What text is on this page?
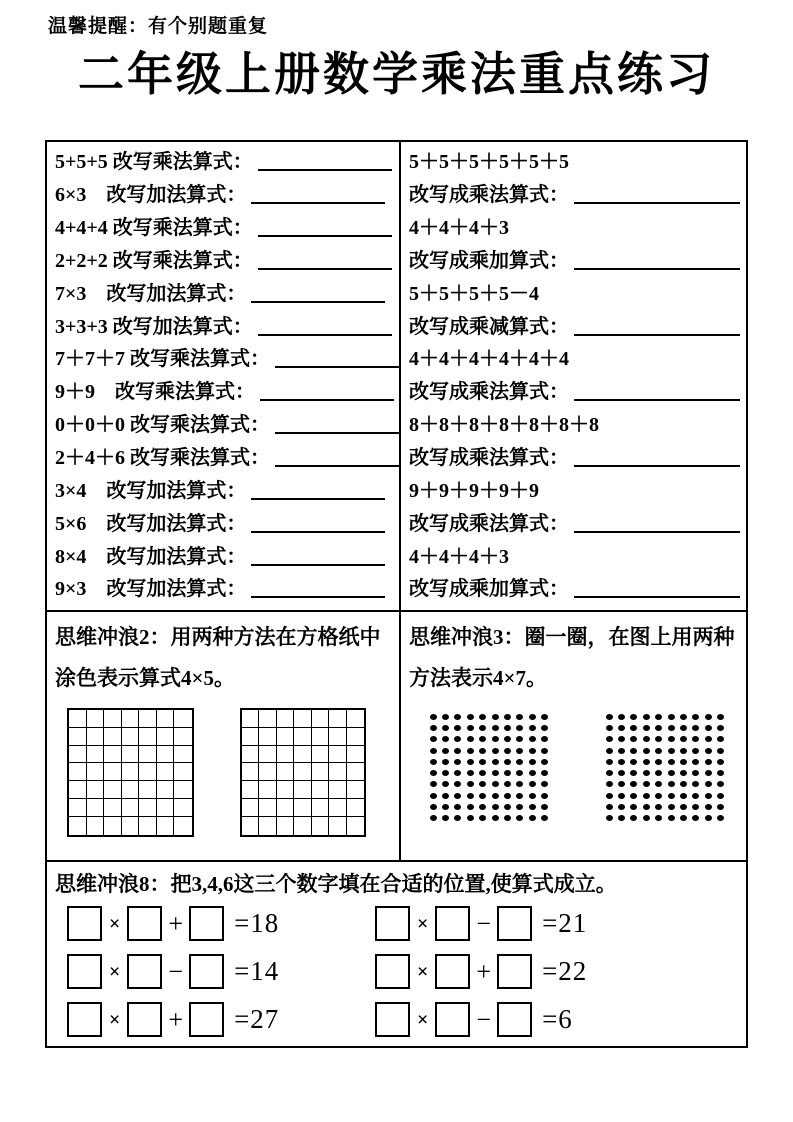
温馨提醒：有个别题重复
二年级上册数学乘法重点练习
5+5+5 改写乘法算式：
6×3　改写加法算式：
4+4+4 改写乘法算式：
2+2+2 改写乘法算式：
7×3　改写加法算式：
3+3+3 改写加法算式：
7＋7＋7 改写乘法算式：
9＋9　改写乘法算式：
0＋0＋0 改写乘法算式：
2＋4＋6 改写乘法算式：
3×4　改写加法算式：
5×6　改写加法算式：
8×4　改写加法算式：
9×3　改写加法算式：
5＋5＋5＋5＋5＋5
改写成乘法算式：
4＋4＋4＋3
改写成乘加算式：
5＋5＋5＋5－4
改写成乘减算式：
4＋4＋4＋4＋4＋4
改写成乘法算式：
8＋8＋8＋8＋8＋8＋8
改写成乘法算式：
9＋9＋9＋9＋9
改写成乘法算式：
4＋4＋4＋3
改写成乘加算式：
思维冲浪2：用两种方法在方格纸中涂色表示算式4×5。
思维冲浪3：圈一圈，在图上用两种方法表示4×7。
思维冲浪8：把3,4,6这三个数字填在合适的位置,使算式成立。
× + =18
× − =14
× + =27
× − =21
× + =22
× − =6
